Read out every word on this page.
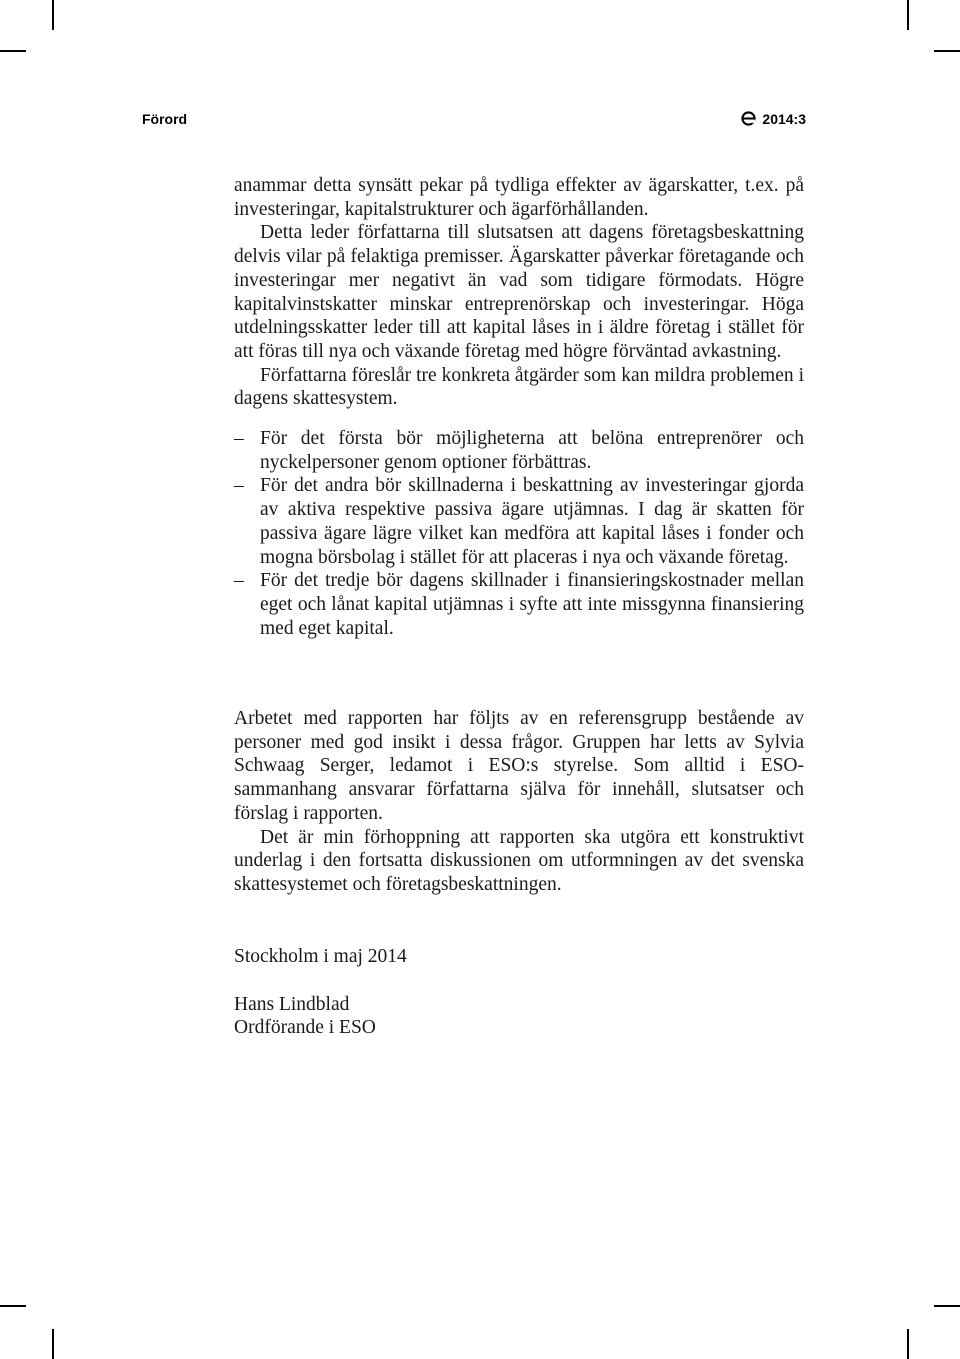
Förord	2014:3

anammar detta synsätt pekar på tydliga effekter av ägarskatter, t.ex. på investeringar, kapitalstrukturer och ägarförhållanden.

Detta leder författarna till slutsatsen att dagens företagsbeskattning delvis vilar på felaktiga premisser. Ägarskatter påverkar företagande och investeringar mer negativt än vad som tidigare förmodats. Högre kapitalvinstskatter minskar entreprenörskap och investeringar. Höga utdelningsskatter leder till att kapital låses in i äldre företag i stället för att föras till nya och växande företag med högre förväntad avkastning.

Författarna föreslår tre konkreta åtgärder som kan mildra problemen i dagens skattesystem.

– För det första bör möjligheterna att belöna entreprenörer och nyckelpersoner genom optioner förbättras.
– För det andra bör skillnaderna i beskattning av investeringar gjorda av aktiva respektive passiva ägare utjämnas. I dag är skatten för passiva ägare lägre vilket kan medföra att kapital låses i fonder och mogna börsbolag i stället för att placeras i nya och växande företag.
– För det tredje bör dagens skillnader i finansieringskostnader mellan eget och lånat kapital utjämnas i syfte att inte missgynna finansiering med eget kapital.

Arbetet med rapporten har följts av en referensgrupp bestående av personer med god insikt i dessa frågor. Gruppen har letts av Sylvia Schwaag Serger, ledamot i ESO:s styrelse. Som alltid i ESO-sammanhang ansvarar författarna själva för innehåll, slutsatser och förslag i rapporten.

Det är min förhoppning att rapporten ska utgöra ett konstruktivt underlag i den fortsatta diskussionen om utformningen av det svenska skattesystemet och företagsbeskattningen.

Stockholm i maj 2014

Hans Lindblad

Ordförande i ESO
